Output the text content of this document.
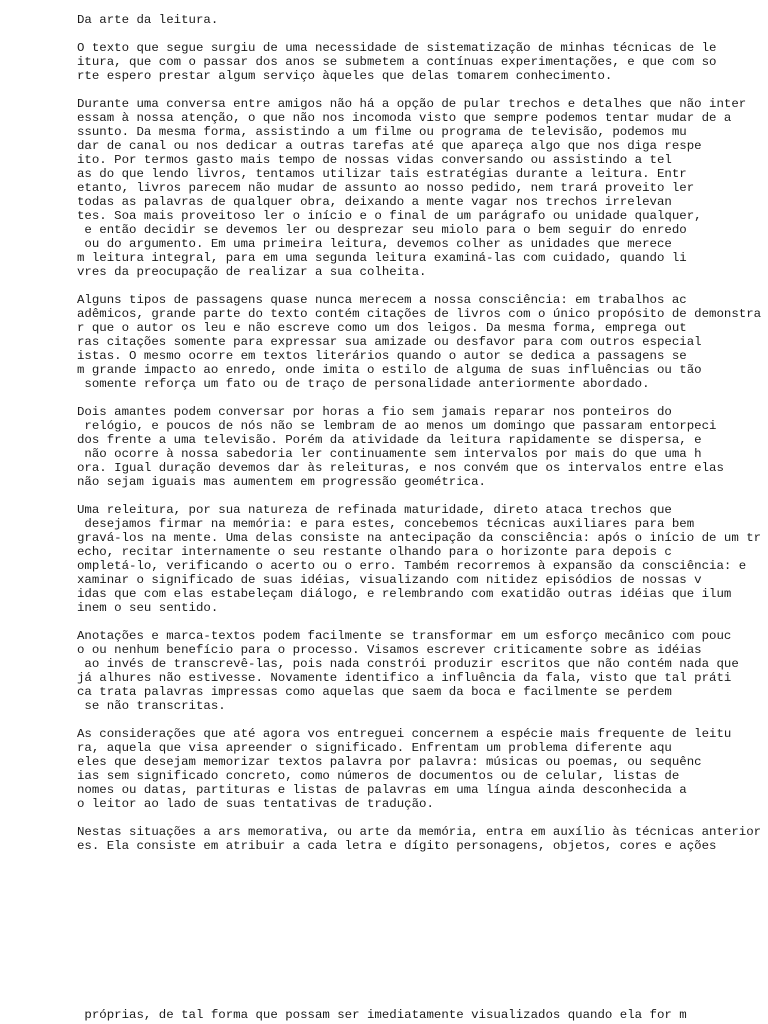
Da arte da leitura.

O texto que segue surgiu de uma necessidade de sistematização de minhas técnicas de le

itura, que com o passar dos anos se submetem a contínuas experimentações, e que com so

rte espero prestar algum serviço àqueles que delas tomarem conhecimento.

Durante uma conversa entre amigos não há a opção de pular trechos e detalhes que não inter

essam à nossa atenção, o que não nos incomoda visto que sempre podemos tentar mudar de a

ssunto. Da mesma forma, assistindo a um filme ou programa de televisão, podemos mu

dar de canal ou nos dedicar a outras tarefas até que apareça algo que nos diga respe

ito. Por termos gasto mais tempo de nossas vidas conversando ou assistindo a tel

as do que lendo livros, tentamos utilizar tais estratégias durante a leitura. Entr

etanto, livros parecem não mudar de assunto ao nosso pedido, nem trará proveito ler

todas as palavras de qualquer obra, deixando a mente vagar nos trechos irrelevan

tes. Soa mais proveitoso ler o início e o final de um parágrafo ou unidade qualquer,

e então decidir se devemos ler ou desprezar seu miolo para o bem seguir do enredo

ou do argumento. Em uma primeira leitura, devemos colher as unidades que merece

m leitura integral, para em uma segunda leitura examiná-las com cuidado, quando li

vres da preocupação de realizar a sua colheita.

Alguns tipos de passagens quase nunca merecem a nossa consciência: em trabalhos ac

adêmicos, grande parte do texto contém citações de livros com o único propósito de demonstra

r que o autor os leu e não escreve como um dos leigos. Da mesma forma, emprega out

ras citações somente para expressar sua amizade ou desfavor para com outros especial

istas. O mesmo ocorre em textos literários quando o autor se dedica a passagens se

m grande impacto ao enredo, onde imita o estilo de alguma de suas influências ou tão

somente reforça um fato ou de traço de personalidade anteriormente abordado.

Dois amantes podem conversar por horas a fio sem jamais reparar nos ponteiros do

relógio, e poucos de nós não se lembram de ao menos um domingo que passaram entorpeci

dos frente a uma televisão. Porém da atividade da leitura rapidamente se dispersa, e

não ocorre à nossa sabedoria ler continuamente sem intervalos por mais do que uma h

ora. Igual duração devemos dar às releituras, e nos convém que os intervalos entre elas

não sejam iguais mas aumentem em progressão geométrica.

Uma releitura, por sua natureza de refinada maturidade, direto ataca trechos que

desejamos firmar na memória: e para estes, concebemos técnicas auxiliares para bem

gravá-los na mente. Uma delas consiste na antecipação da consciência: após o início de um tr

echo, recitar internamente o seu restante olhando para o horizonte para depois c

ompletá-lo, verificando o acerto ou o erro. Também recorremos à expansão da consciência: e

xaminar o significado de suas idéias, visualizando com nitidez episódios de nossas v

idas que com elas estabeleçam diálogo, e relembrando com exatidão outras idéias que ilum

inem o seu sentido.

Anotações e marca-textos podem facilmente se transformar em um esforço mecânico com pouc

o ou nenhum benefício para o processo. Visamos escrever criticamente sobre as idéias

ao invés de transcrevê-las, pois nada constrói produzir escritos que não contém nada que

já alhures não estivesse. Novamente identifico a influência da fala, visto que tal práti

ca trata palavras impressas como aquelas que saem da boca e facilmente se perdem

se não transcritas.

As considerações que até agora vos entreguei concernem a espécie mais frequente de leitu

ra, aquela que visa apreender o significado. Enfrentam um problema diferente aqu

eles que desejam memorizar textos palavra por palavra: músicas ou poemas, ou sequênc

ias sem significado concreto, como números de documentos ou de celular, listas de

nomes ou datas, partituras e listas de palavras em uma língua ainda desconhecida a

o leitor ao lado de suas tentativas de tradução.

Nestas situações a ars memorativa, ou arte da memória, entra em auxílio às técnicas anterior

es. Ela consiste em atribuir a cada letra e dígito personagens, objetos, cores e ações

próprias, de tal forma que possam ser imediatamente visualizados quando ela for m
